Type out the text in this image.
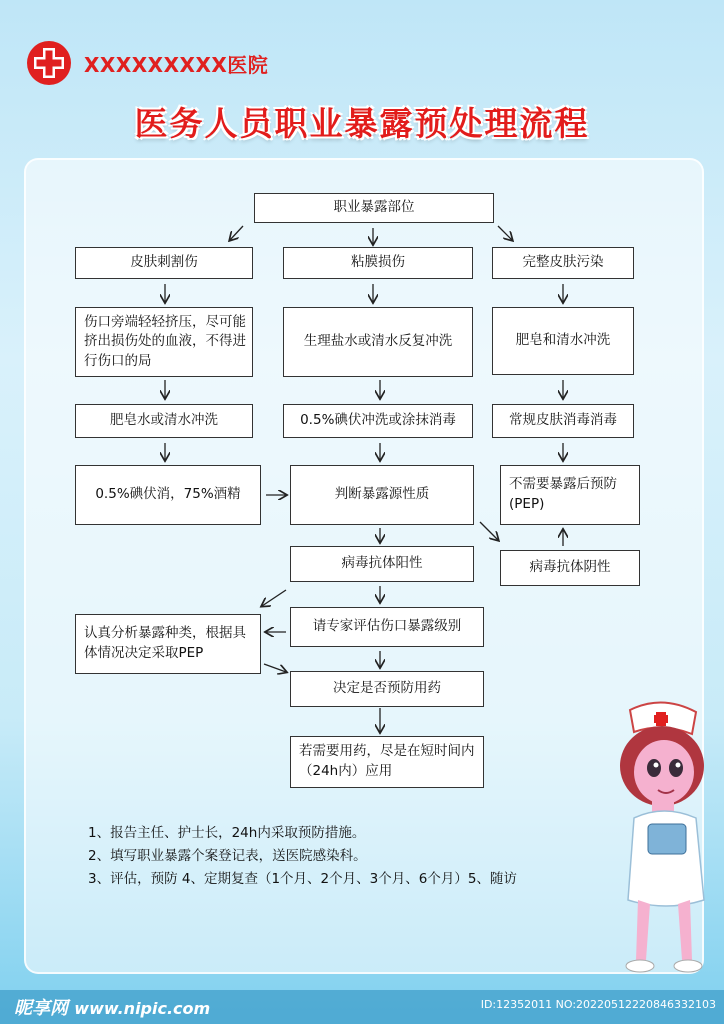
XXXXXXXXX医院
医务人员职业暴露预处理流程
职业暴露部位
皮肤刺割伤	粘膜损伤	完整皮肤污染
伤口旁端轻轻挤压，尽可能挤出损伤处的血液，不得进行伤口的局
生理盐水或清水反复冲洗	肥皂和清水冲洗
肥皂水或清水冲洗	0.5%碘伏冲洗或涂抹消毒	常规皮肤消毒消毒
0.5%碘伏消，75%酒精	判断暴露源性质
不需要暴露后预防(PEP)
病毒抗体阳性	病毒抗体阴性
认真分析暴露种类，根据具体情况决定采取PEP
请专家评估伤口暴露级别
决定是否预防用药
若需要用药，尽是在短时间内（24h内）应用
1、报告主任、护士长，24h内采取预防措施。
2、填写职业暴露个案登记表，送医院感染科。
3、评估，预防 4、定期复查（1个月、2个月、3个月、6个月）5、随访
昵享网 www.nipic.com	ID:12352011 NO:20220512220846332103
